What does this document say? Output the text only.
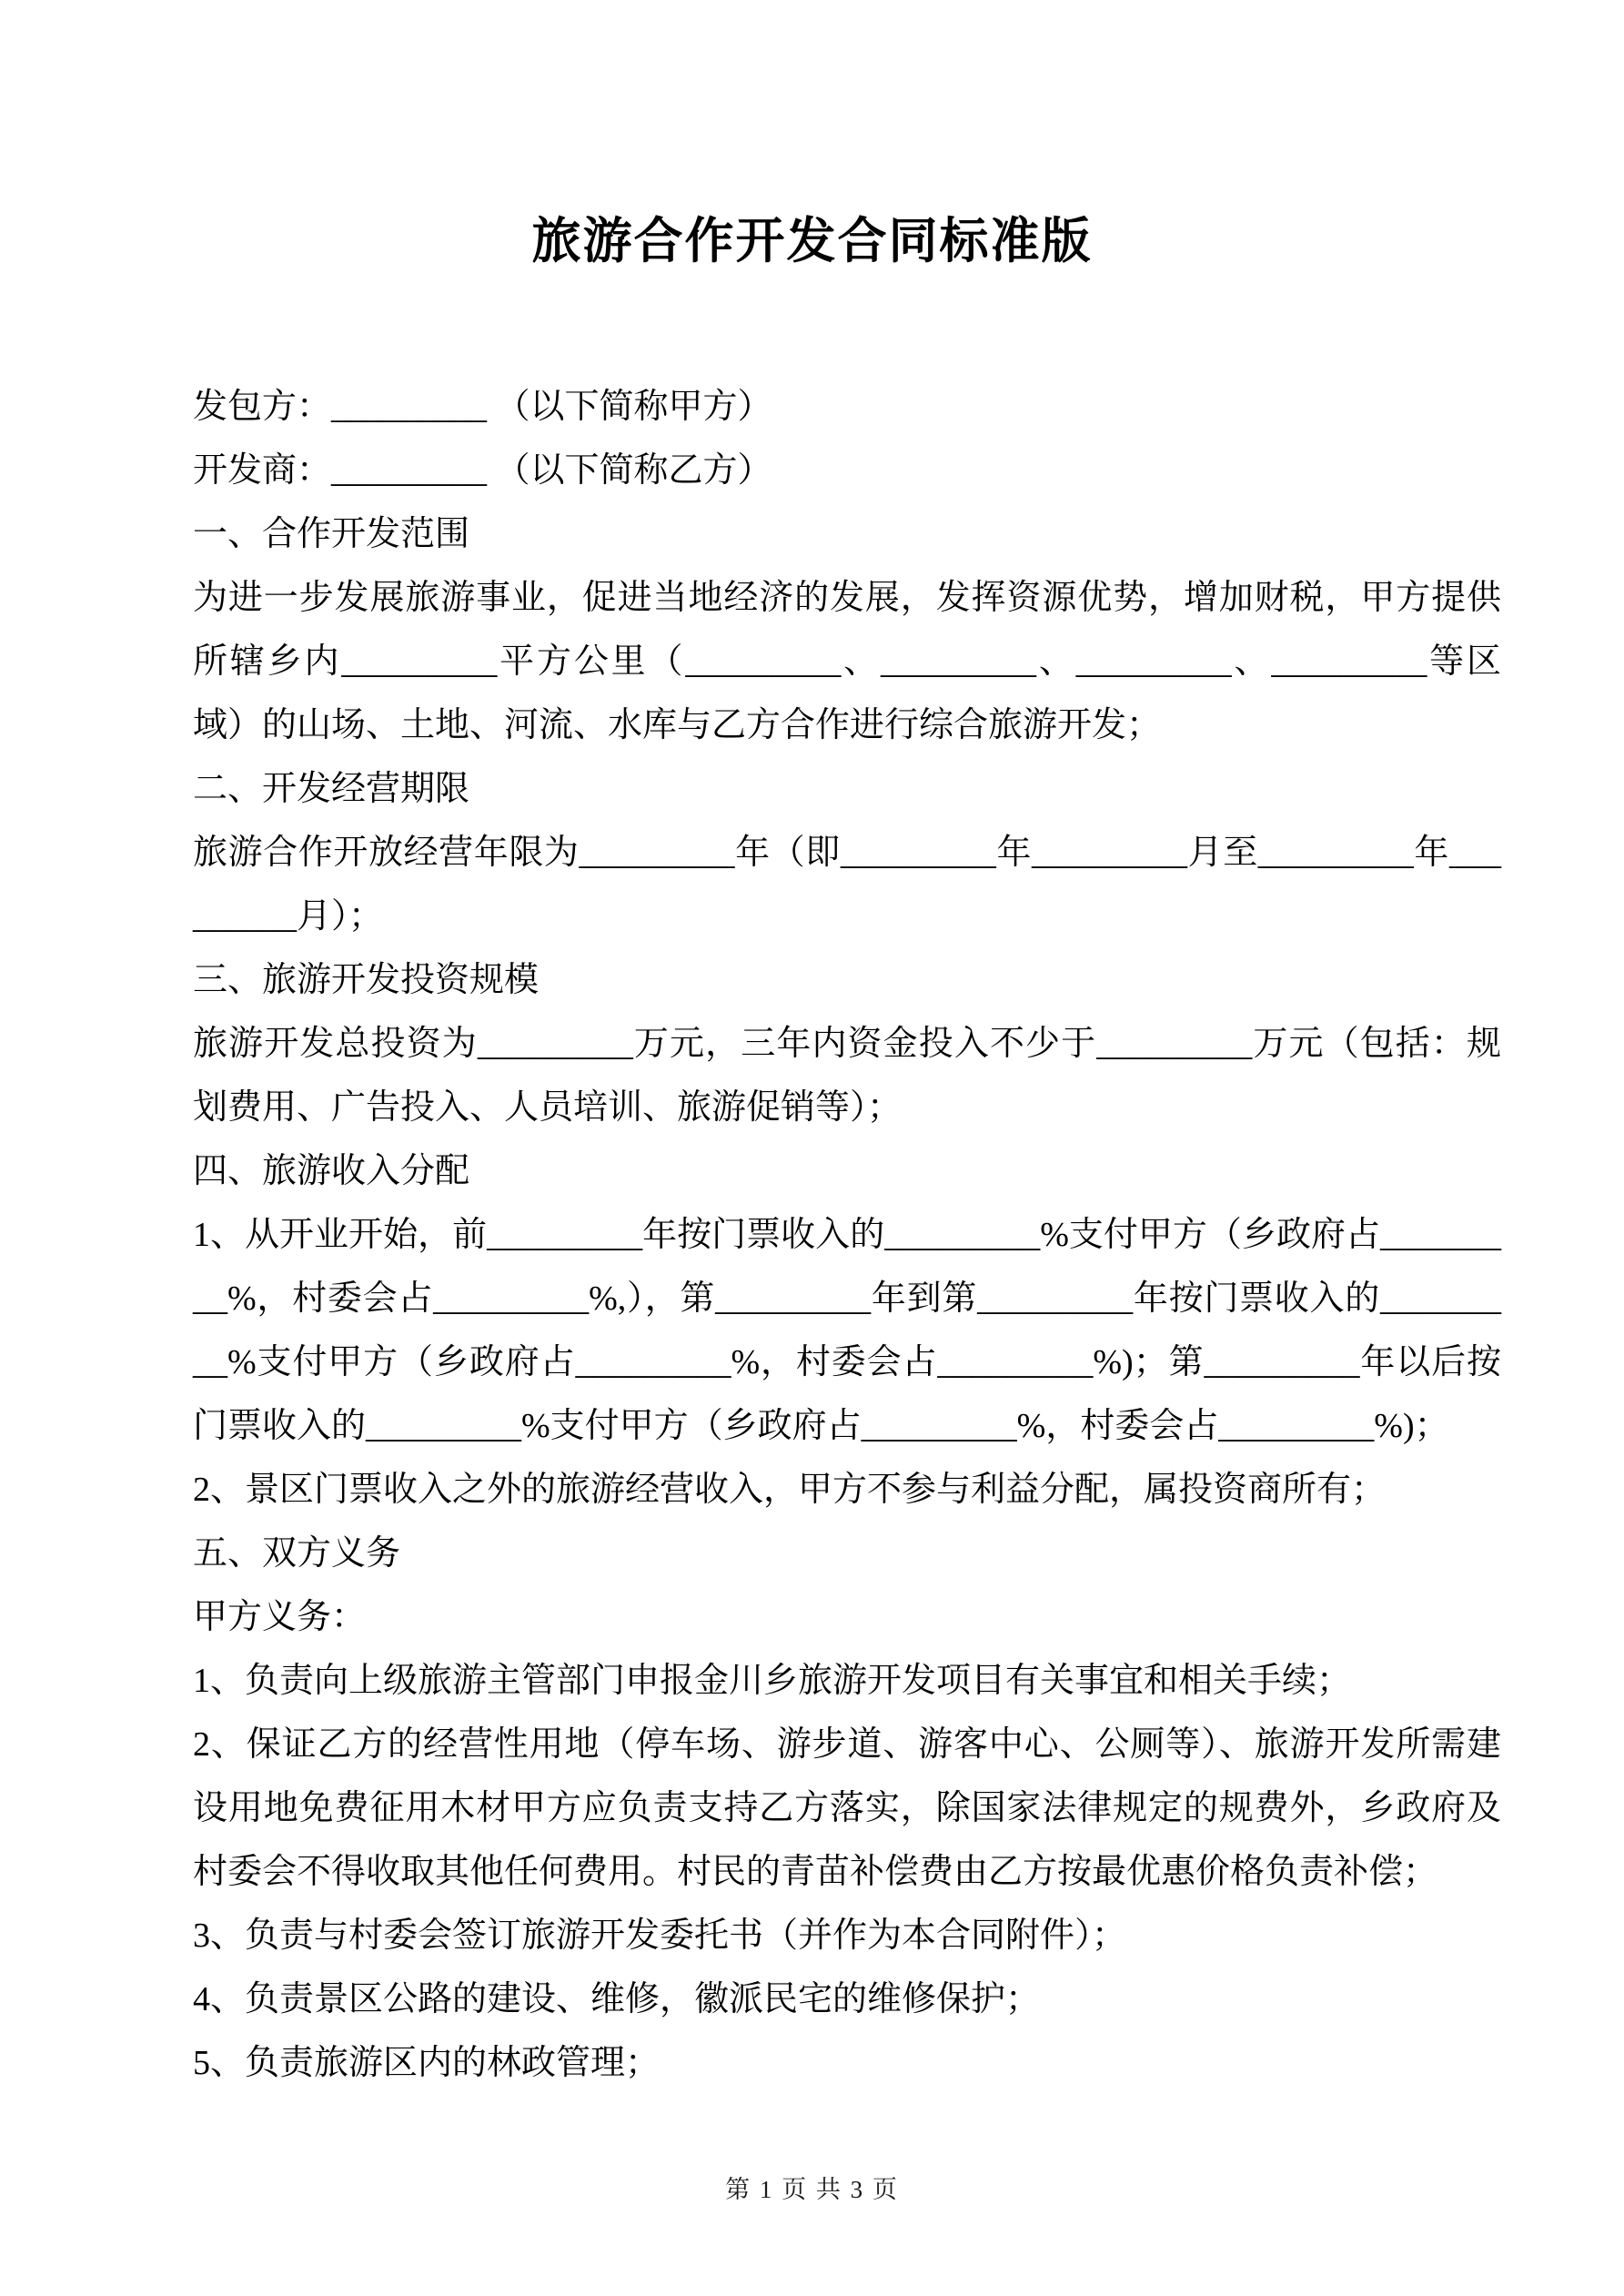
旅游合作开发合同标准版
发包方：_________ （以下简称甲方）
开发商：_________ （以下简称乙方）
一、合作开发范围
为进一步发展旅游事业，促进当地经济的发展，发挥资源优势，增加财税，甲方提供所辖乡内_________平方公里（_________、_________、_________、_________等区域）的山场、土地、河流、水库与乙方合作进行综合旅游开发；
二、开发经营期限
旅游合作开放经营年限为_________年（即_________年_________月至_________年_________月）；
三、旅游开发投资规模
旅游开发总投资为_________万元，三年内资金投入不少于_________万元（包括：规划费用、广告投入、人员培训、旅游促销等）；
四、旅游收入分配
1、从开业开始，前_________年按门票收入的_________%支付甲方（乡政府占_________%，村委会占_________%,），第_________年到第_________年按门票收入的_________%支付甲方（乡政府占_________%，村委会占_________%)；第_________年以后按门票收入的_________%支付甲方（乡政府占_________%，村委会占_________%)；
2、景区门票收入之外的旅游经营收入，甲方不参与利益分配，属投资商所有；
五、双方义务
甲方义务：
1、负责向上级旅游主管部门申报金川乡旅游开发项目有关事宜和相关手续；
2、保证乙方的经营性用地（停车场、游步道、游客中心、公厕等）、旅游开发所需建设用地免费征用木材甲方应负责支持乙方落实，除国家法律规定的规费外，乡政府及村委会不得收取其他任何费用。村民的青苗补偿费由乙方按最优惠价格负责补偿；
3、负责与村委会签订旅游开发委托书（并作为本合同附件）；
4、负责景区公路的建设、维修，徽派民宅的维修保护；
5、负责旅游区内的林政管理；
第 1 页 共 3 页
